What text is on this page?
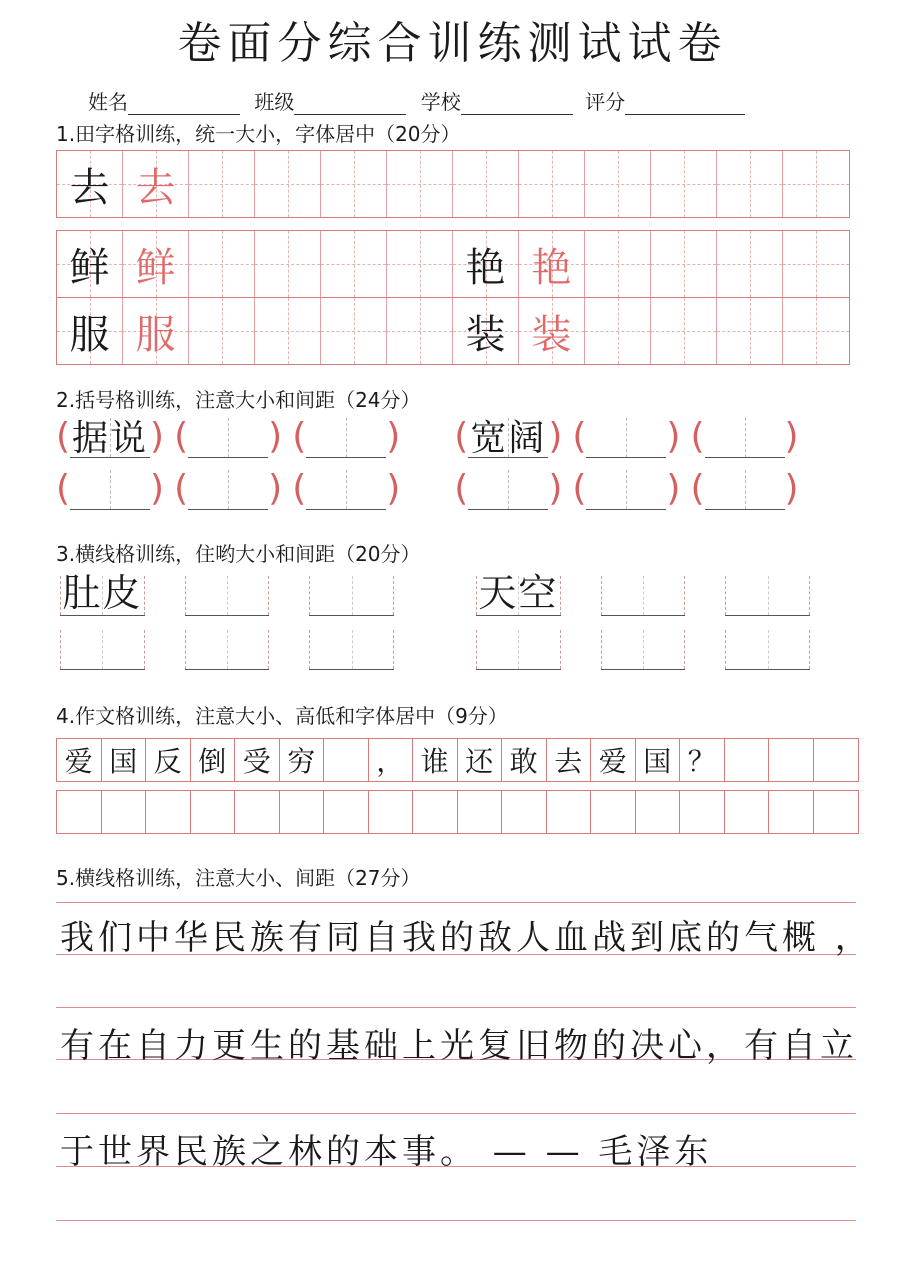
卷面分综合训练测试试卷
姓名	班级	学校	评分
1.田字格训练，统一大小，字体居中（20分）
去 去
鲜 鲜	艳 艳
服 服	装 装
2.括号格训练，注意大小和间距（24分）
( 据说 ) ( ) ( ) ( 宽阔 ) ( ) ( )
( ) ( ) ( ) ( ) ( ) ( )
3.横线格训练，住哟大小和间距（20分）
肚皮	天空
4.作文格训练，注意大小、高低和字体居中（9分）
爱 国 反 倒 受 穷	， 谁 还 敢 去 爱 国 ？
5.横线格训练，注意大小、间距（27分）
我们中华民族有同自我的敌人血战到底的气概 ，
有在自力更生的基础上光复旧物的决心，有自立
于世界民族之林的本事。 — — 毛泽东
